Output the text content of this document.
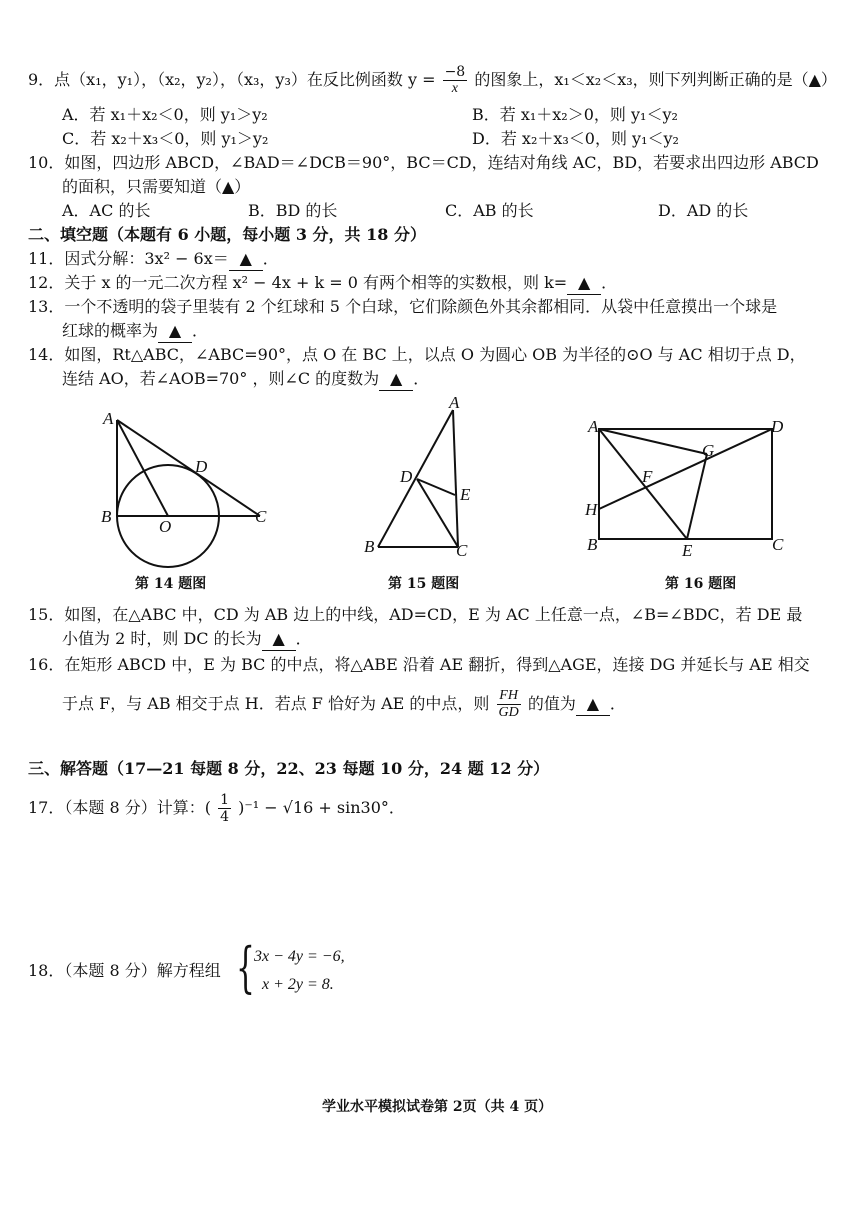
9．点（x₁，y₁），（x₂，y₂），（x₃，y₃）在反比例函数 $y = \frac{-8}{x}$ 的图象上，x₁＜x₂＜x₃，则下列判断正确的是（▲）
A．若 x₁＋x₂＜0，则 y₁＞y₂	B．若 x₁＋x₂＞0，则 y₁＜y₂
C．若 x₂＋x₃＜0，则 y₁＞y₂	D．若 x₂＋x₃＜0，则 y₁＜y₂
10．如图，四边形 ABCD，∠BAD＝∠DCB＝90°，BC＝CD，连结对角线 AC，BD，若要求出四边形 ABCD
的面积，只需要知道（▲）
A．AC 的长	B．BD 的长	C．AB 的长	D．AD 的长
二、填空题（本题有 6 小题，每小题 3 分，共 18 分）
11．因式分解：3x² − 6x＝ ▲ ．
12．关于 x 的一元二次方程 x² − 4x + k = 0 有两个相等的实数根，则 k= ▲ ．
13．一个不透明的袋子里装有 2 个红球和 5 个白球，它们除颜色外其余都相同．从袋中任意摸出一个球是
红球的概率为 ▲ ．
14．如图，Rt△ABC，∠ABC=90°，点 O 在 BC 上，以点 O 为圆心 OB 为半径的⊙O 与 AC 相切于点 D，
连结 AO，若∠AOB=70° ，则∠C 的度数为 ▲ ．
A
B	C
D
O
第 14 题图
A
B	C
D
E
第 15 题图
A
B	C
D
E
F
G
H
第 16 题图
15．如图，在△ABC 中，CD 为 AB 边上的中线，AD=CD，E 为 AC 上任意一点，∠B=∠BDC，若 DE 最
小值为 2 时，则 DC 的长为 ▲ ．
16．在矩形 ABCD 中，E 为 BC 的中点，将△ABE 沿着 AE 翻折，得到△AGE，连接 DG 并延长与 AE 相交
于点 F，与 AB 相交于点 H．若点 F 恰好为 AE 的中点，则 $\frac{FH}{GD}$ 的值为 ▲ ．
三、解答题（17—21 每题 8 分，22、23 每题 10 分，24 题 12 分）
17．（本题 8 分）计算：( $\frac{1}{4} )^{-1} - √16 + \sin 30^\circ$．
18．（本题 8 分）解方程组 { 3x − 4y = −6,
x + 2y = 8.
学业水平模拟试卷第 2页（共 4 页）
